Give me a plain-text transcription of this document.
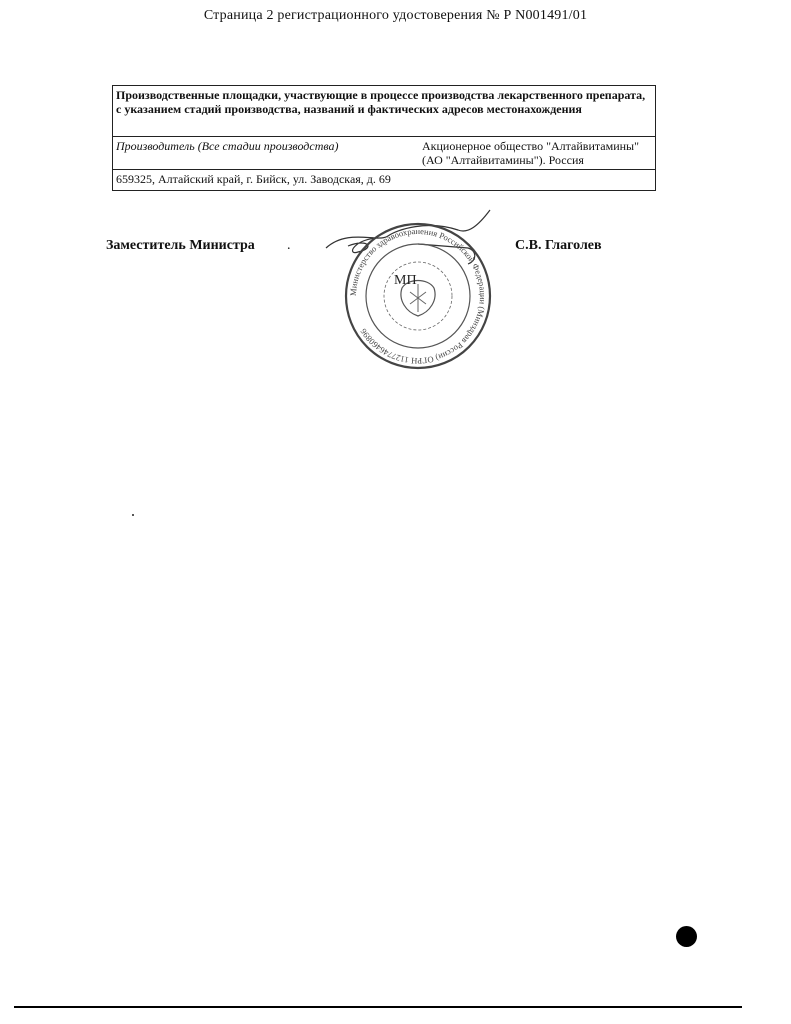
Страница 2 регистрационного удостоверения № Р N001491/01
Производственные площадки, участвующие в процессе производства лекарственного препарата, с указанием стадий производства, названий и фактических адресов местонахождения
Производитель (Все стадии производства)	Акционерное общество "Алтайвитамины"
(АО "Алтайвитамины"). Россия

659325, Алтайский край, г. Бийск, ул. Заводская, д. 69
Заместитель Министра .	С.В. Глаголев
Министерство здравоохранения Российской Федерации (Минздрав России) ОГРН 1127746460896
МП
